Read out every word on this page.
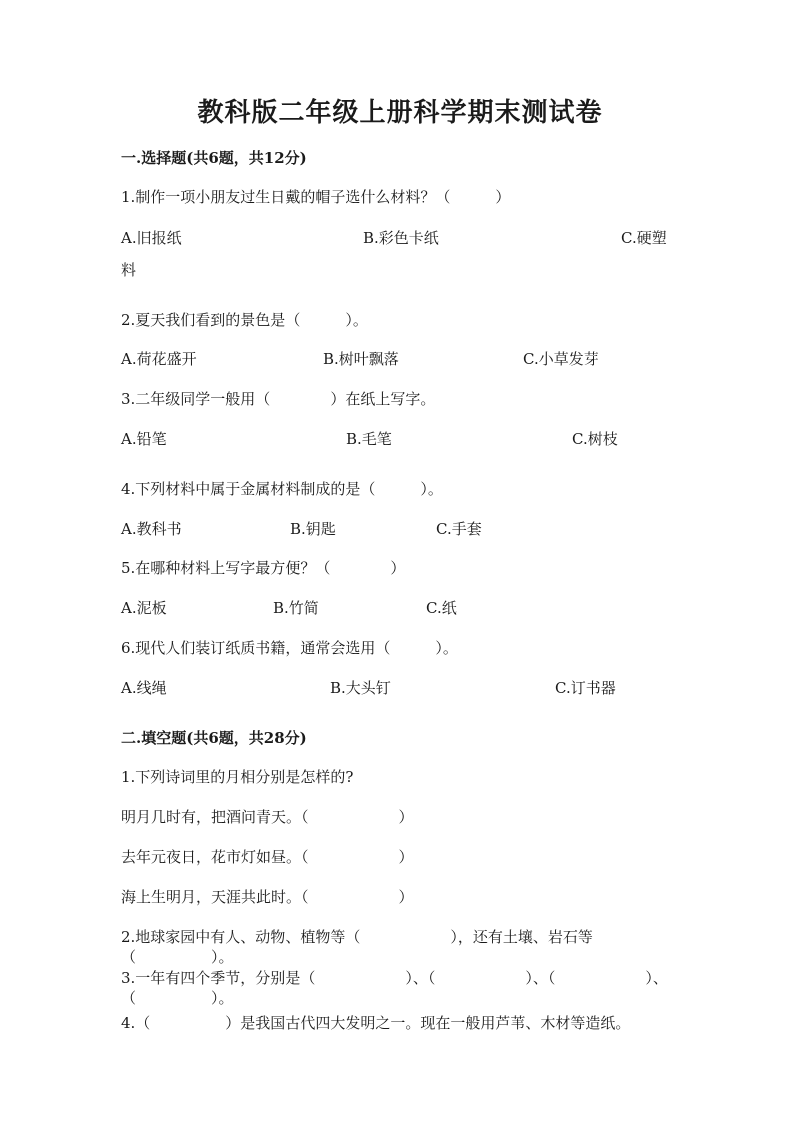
教科版二年级上册科学期末测试卷
一.选择题(共6题，共12分)
1.制作一项小朋友过生日戴的帽子选什么材料？（　　　）
A.旧报纸	B.彩色卡纸	C.硬塑
料
2.夏天我们看到的景色是（　　　）。
A.荷花盛开	B.树叶飘落	C.小草发芽
3.二年级同学一般用（　　　　）在纸上写字。
A.铅笔	B.毛笔	C.树枝
4.下列材料中属于金属材料制成的是（　　　）。
A.教科书	B.钥匙	C.手套
5.在哪种材料上写字最方便？（　　　　）
A.泥板	B.竹简	C.纸
6.现代人们装订纸质书籍，通常会选用（　　　）。
A.线绳	B.大头钉	C.订书器
二.填空题(共6题，共28分)
1.下列诗词里的月相分别是怎样的?
明月几时有，把酒问青天。（　　　　　　）
去年元夜日，花市灯如昼。（　　　　　　）
海上生明月，天涯共此时。（　　　　　　）
2.地球家园中有人、动物、植物等（　　　　　　），还有土壤、岩石等
（　　　　　）。
3.一年有四个季节，分别是（　　　　　　）、（　　　　　　）、（　　　　　　）、
（　　　　　）。
4.（　　　　　）是我国古代四大发明之一。现在一般用芦苇、木材等造纸。
